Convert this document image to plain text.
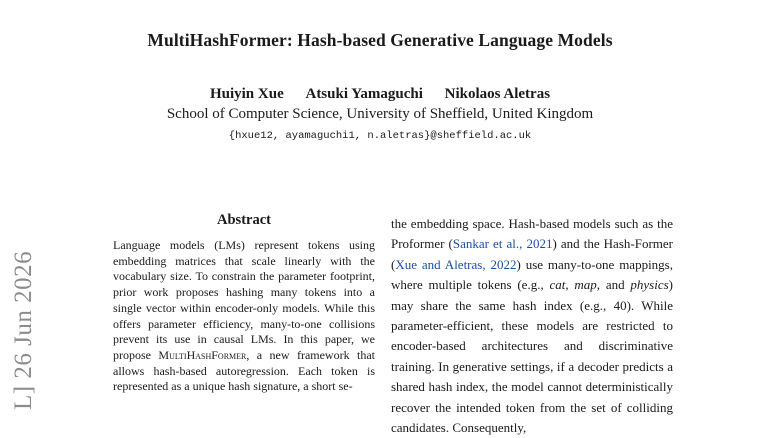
MultiHashFormer: Hash-based Generative Language Models
Huiyin Xue Atsuki Yamaguchi Nikolaos Aletras
School of Computer Science, University of Sheffield, United Kingdom
{hxue12, ayamaguchi1, n.aletras}@sheffield.ac.uk
L] 26 Jun 2026
Abstract
Language models (LMs) represent tokens using embedding matrices that scale linearly with the vocabulary size. To constrain the parameter footprint, prior work proposes hashing many tokens into a single vector within encoder-only models. While this offers parameter efficiency, many-to-one collisions prevent its use in causal LMs. In this paper, we propose MultiHashFormer, a new framework that allows hash-based autoregression. Each token is represented as a unique hash signature, a short se-
the embedding space. Hash-based models such as the Proformer (Sankar et al., 2021) and the Hash-Former (Xue and Aletras, 2022) use many-to-one mappings, where multiple tokens (e.g., cat, map, and physics) may share the same hash index (e.g., 40). While parameter-efficient, these models are restricted to encoder-based architectures and discriminative training. In generative settings, if a decoder predicts a shared hash index, the model cannot deterministically recover the intended token from the set of colliding candidates. Consequently,
